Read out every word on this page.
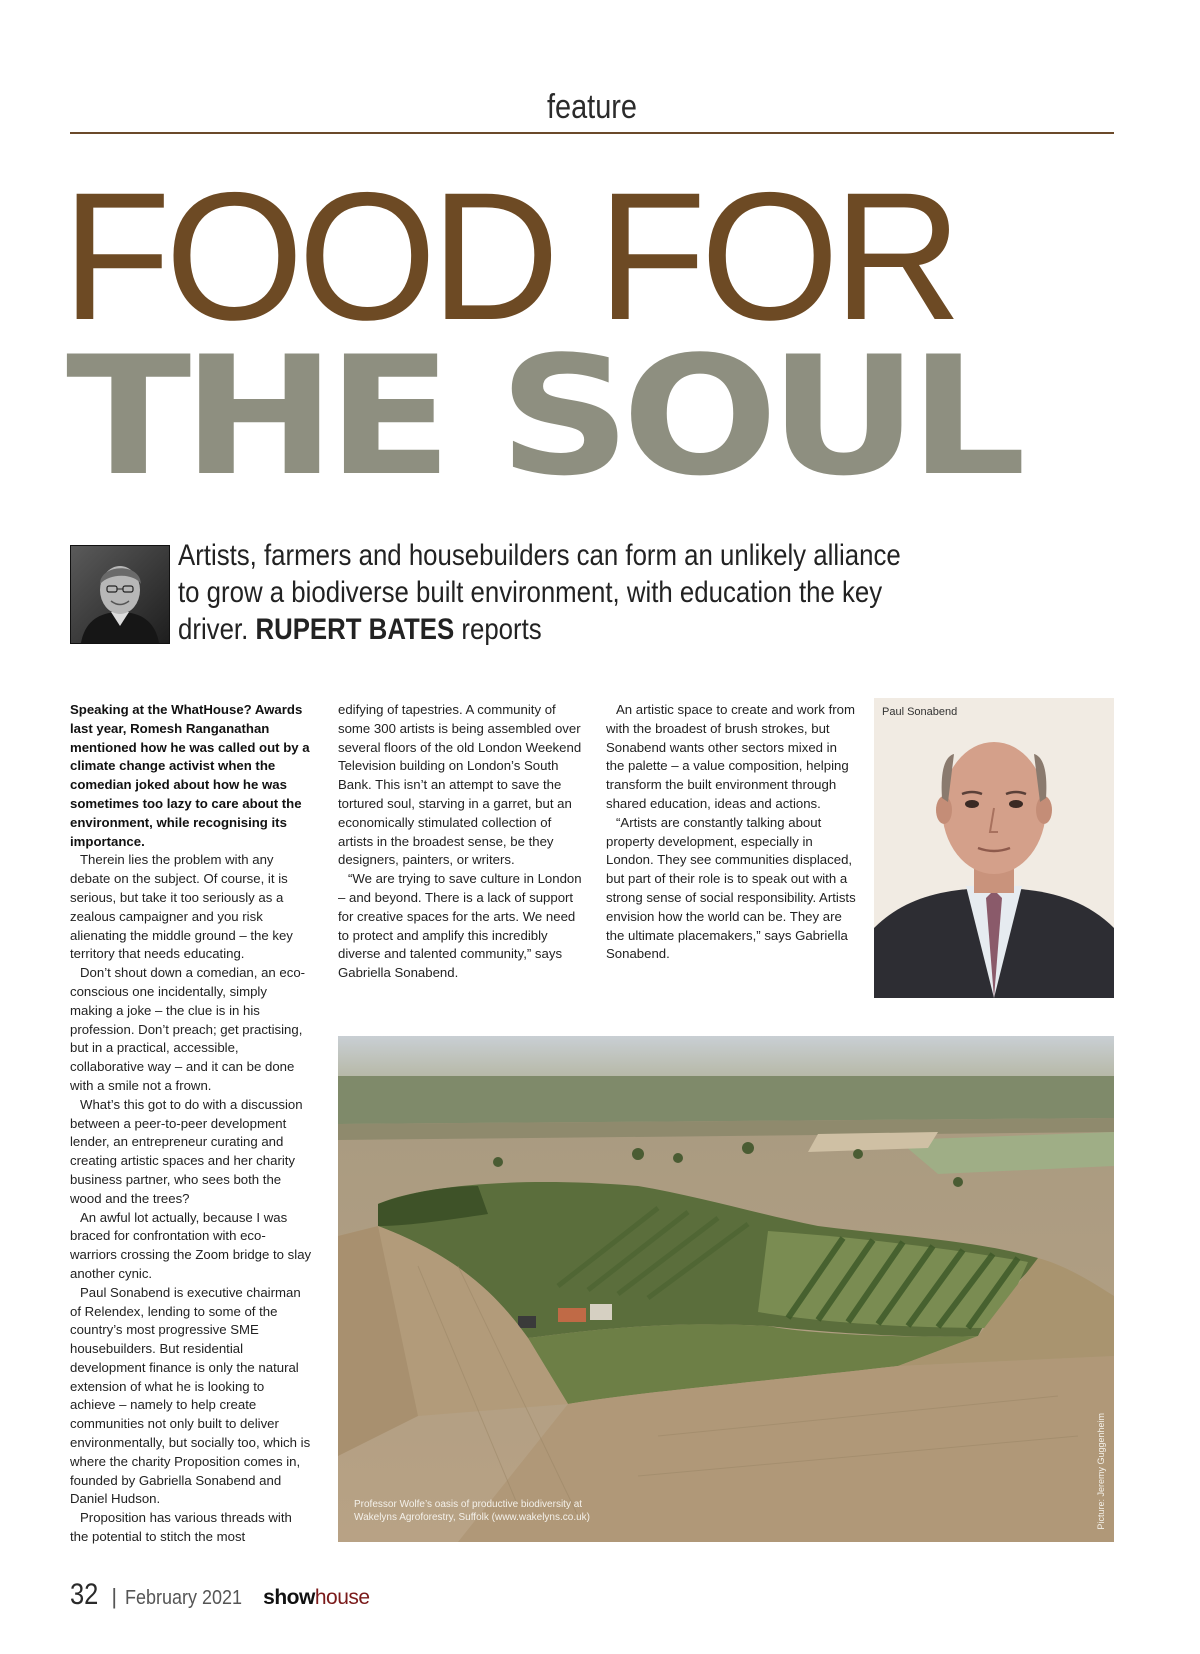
feature
FOOD FOR
THE SOUL
Artists, farmers and housebuilders can form an unlikely alliance to grow a biodiverse built environment, with education the key driver. RUPERT BATES reports

Speaking at the WhatHouse? Awards last year, Romesh Ranganathan mentioned how he was called out by a climate change activist when the comedian joked about how he was sometimes too lazy to care about the environment, while recognising its importance.

Therein lies the problem with any debate on the subject. Of course, it is serious, but take it too seriously as a zealous campaigner and you risk alienating the middle ground – the key territory that needs educating.

Don’t shout down a comedian, an eco-conscious one incidentally, simply making a joke – the clue is in his profession. Don’t preach; get practising, but in a practical, accessible, collaborative way – and it can be done with a smile not a frown.

What’s this got to do with a discussion between a peer-to-peer development lender, an entrepreneur curating and creating artistic spaces and her charity business partner, who sees both the wood and the trees?

An awful lot actually, because I was braced for confrontation with eco-warriors crossing the Zoom bridge to slay another cynic.

Paul Sonabend is executive chairman of Relendex, lending to some of the country’s most progressive SME housebuilders. But residential development finance is only the natural extension of what he is looking to achieve – namely to help create communities not only built to deliver environmentally, but socially too, which is where the charity Proposition comes in, founded by Gabriella Sonabend and Daniel Hudson.

Proposition has various threads with the potential to stitch the most

edifying of tapestries. A community of some 300 artists is being assembled over several floors of the old London Weekend Television building on London’s South Bank. This isn’t an attempt to save the tortured soul, starving in a garret, but an economically stimulated collection of artists in the broadest sense, be they designers, painters, or writers.

“We are trying to save culture in London – and beyond. There is a lack of support for creative spaces for the arts. We need to protect and amplify this incredibly diverse and talented community,” says Gabriella Sonabend.

An artistic space to create and work from with the broadest of brush strokes, but Sonabend wants other sectors mixed in the palette – a value composition, helping transform the built environment through shared education, ideas and actions.

“Artists are constantly talking about property development, especially in London. They see communities displaced, but part of their role is to speak out with a strong sense of social responsibility. Artists envision how the world can be. They are the ultimate placemakers,” says Gabriella Sonabend.

Paul Sonabend
Professor Wolfe’s oasis of productive biodiversity at Wakelyns Agroforestry, Suffolk (www.wakelyns.co.uk)	Picture: Jeremy Guggenheim
32 | February 2021 show house
